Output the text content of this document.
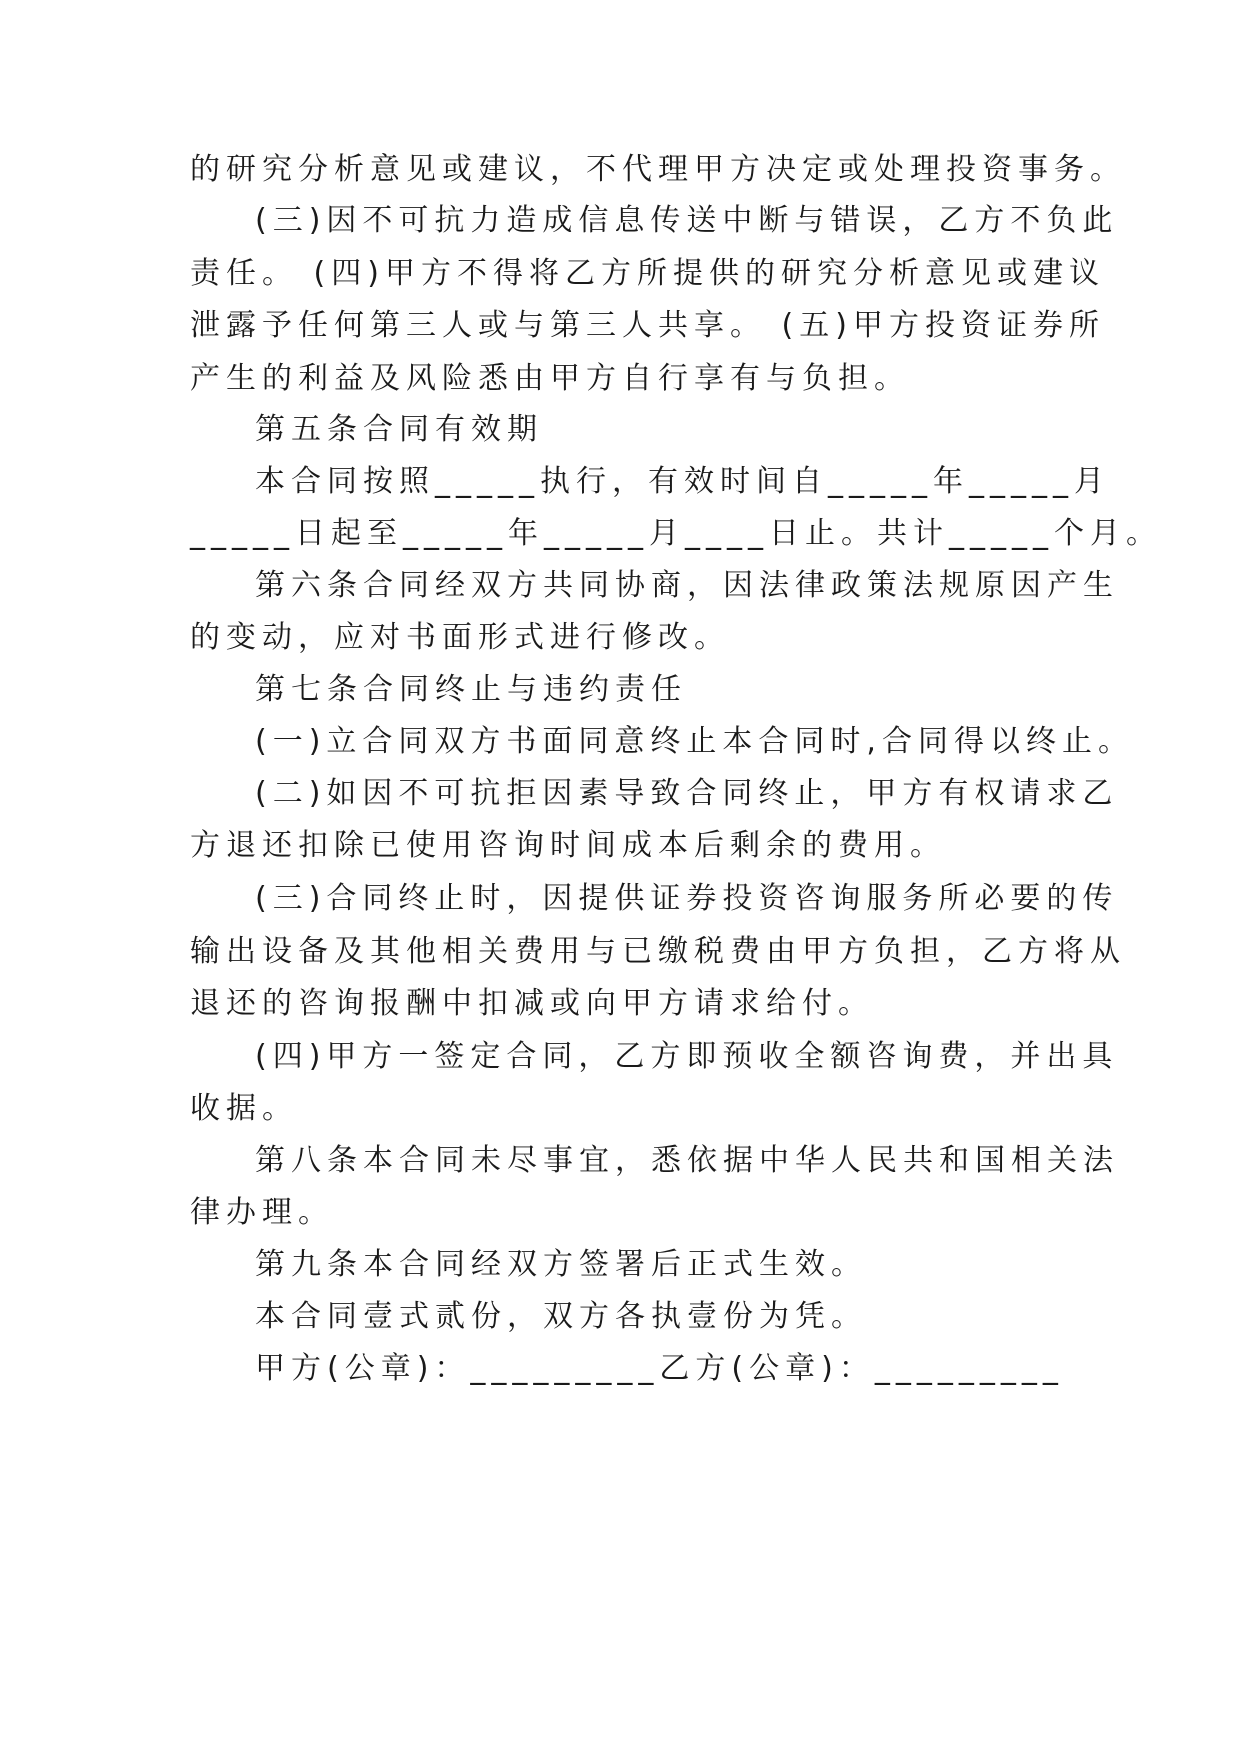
的研究分析意见或建议，不代理甲方决定或处理投资事务。
(三)因不可抗力造成信息传送中断与错误，乙方不负此
责任。 (四)甲方不得将乙方所提供的研究分析意见或建议
泄露予任何第三人或与第三人共享。 (五)甲方投资证券所
产生的利益及风险悉由甲方自行享有与负担。
第五条合同有效期
本合同按照_____执行，有效时间自_____年_____月
_____日起至_____年_____月____日止。共计_____个月。
第六条合同经双方共同协商，因法律政策法规原因产生
的变动，应对书面形式进行修改。
第七条合同终止与违约责任
(一)立合同双方书面同意终止本合同时,合同得以终止。
(二)如因不可抗拒因素导致合同终止，甲方有权请求乙
方退还扣除已使用咨询时间成本后剩余的费用。
(三)合同终止时，因提供证券投资咨询服务所必要的传
输出设备及其他相关费用与已缴税费由甲方负担，乙方将从
退还的咨询报酬中扣减或向甲方请求给付。
(四)甲方一签定合同，乙方即预收全额咨询费，并出具
收据。
第八条本合同未尽事宜，悉依据中华人民共和国相关法
律办理。
第九条本合同经双方签署后正式生效。
本合同壹式贰份，双方各执壹份为凭。
甲方(公章)：_________乙方(公章)：_________
